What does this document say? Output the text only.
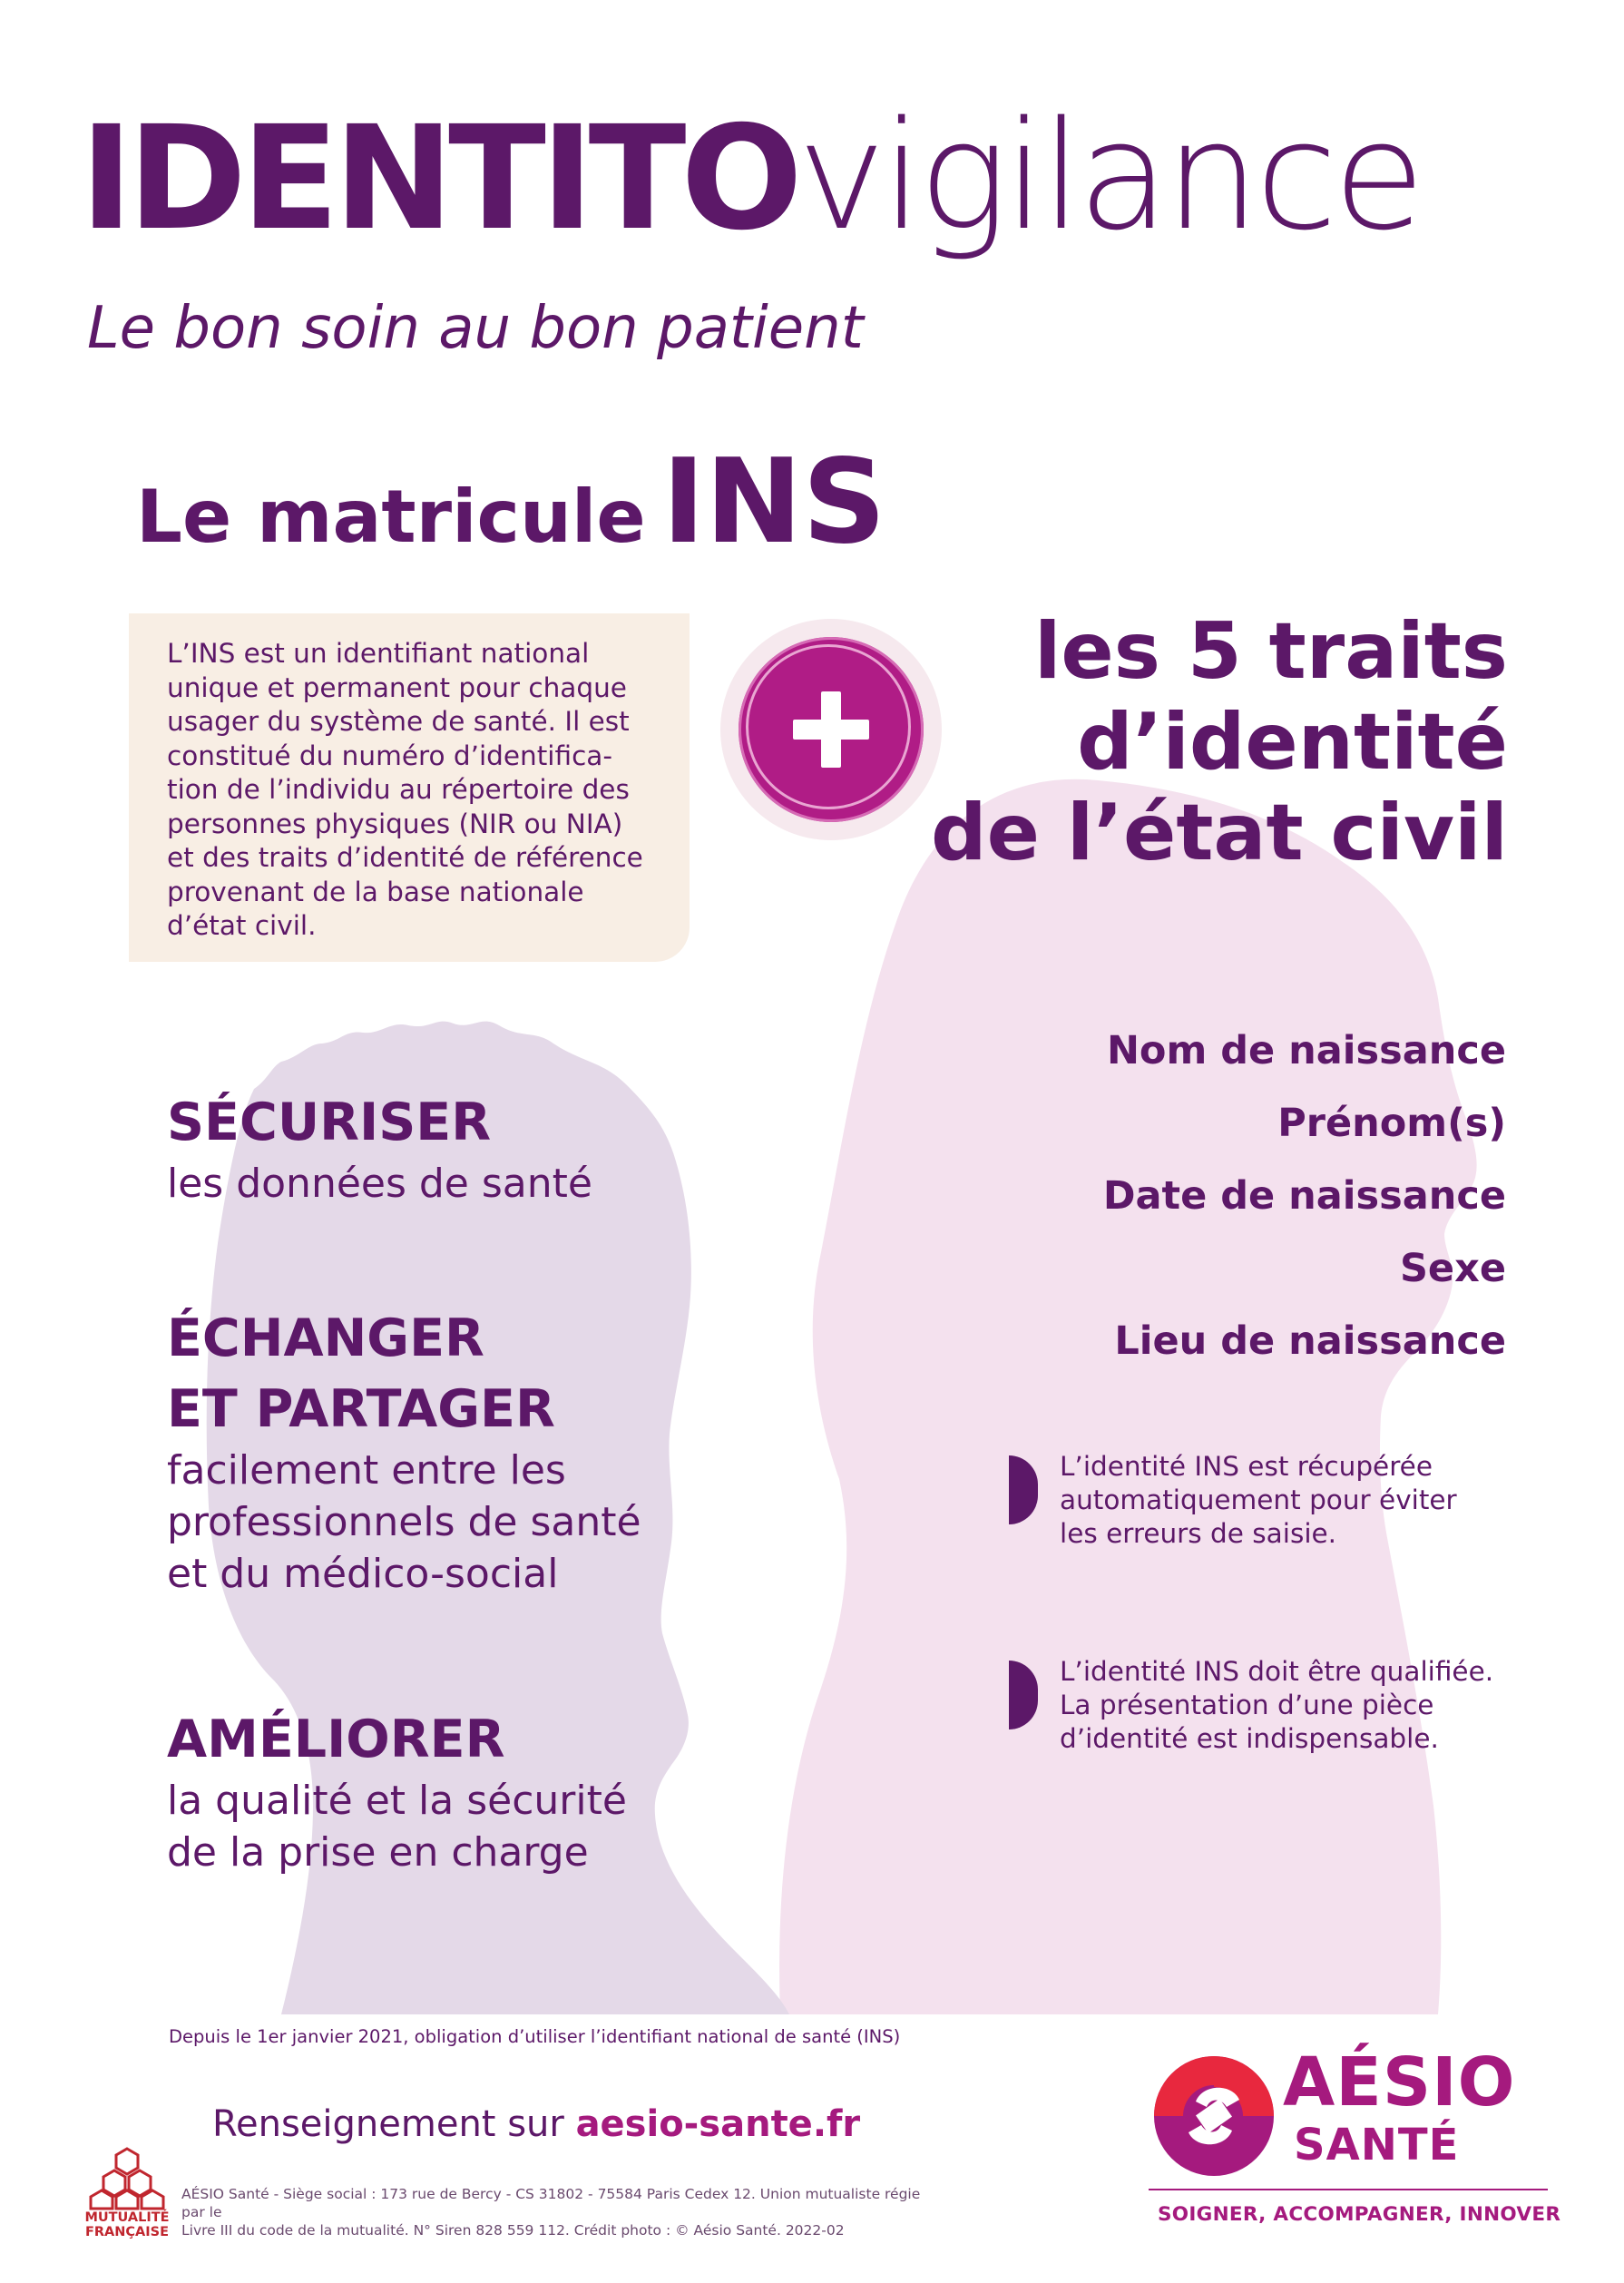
IDENTITOvigilance
Le bon soin au bon patient
Le matricule INS
L’INS est un identifiant national
unique et permanent pour chaque
usager du système de santé. Il est
constitué du numéro d’identifica-
tion de l’individu au répertoire des
personnes physiques (NIR ou NIA)
et des traits d’identité de référence
provenant de la base nationale
d’état civil.
les 5 traits
d’identité
de l’état civil
Nom de naissance
Prénom(s)
Date de naissance
Sexe
Lieu de naissance
SÉCURISER
les données de santé
ÉCHANGER
ET PARTAGER
facilement entre les
professionnels de santé
et du médico-social
AMÉLIORER
la qualité et la sécurité
de la prise en charge
L’identité INS est récupérée
automatiquement pour éviter
les erreurs de saisie.
L’identité INS doit être qualifiée.
La présentation d’une pièce
d’identité est indispensable.
Depuis le 1er janvier 2021, obligation d’utiliser l’identifiant national de santé (INS)
Renseignement sur aesio-sante.fr
MUTUALITÉ
FRANÇAISE
AÉSIO Santé - Siège social : 173 rue de Bercy - CS 31802 - 75584 Paris Cedex 12. Union mutualiste régie par le
Livre III du code de la mutualité. N° Siren 828 559 112. Crédit photo : © Aésio Santé. 2022-02
AÉSIO
SANTÉ
SOIGNER, ACCOMPAGNER, INNOVER
